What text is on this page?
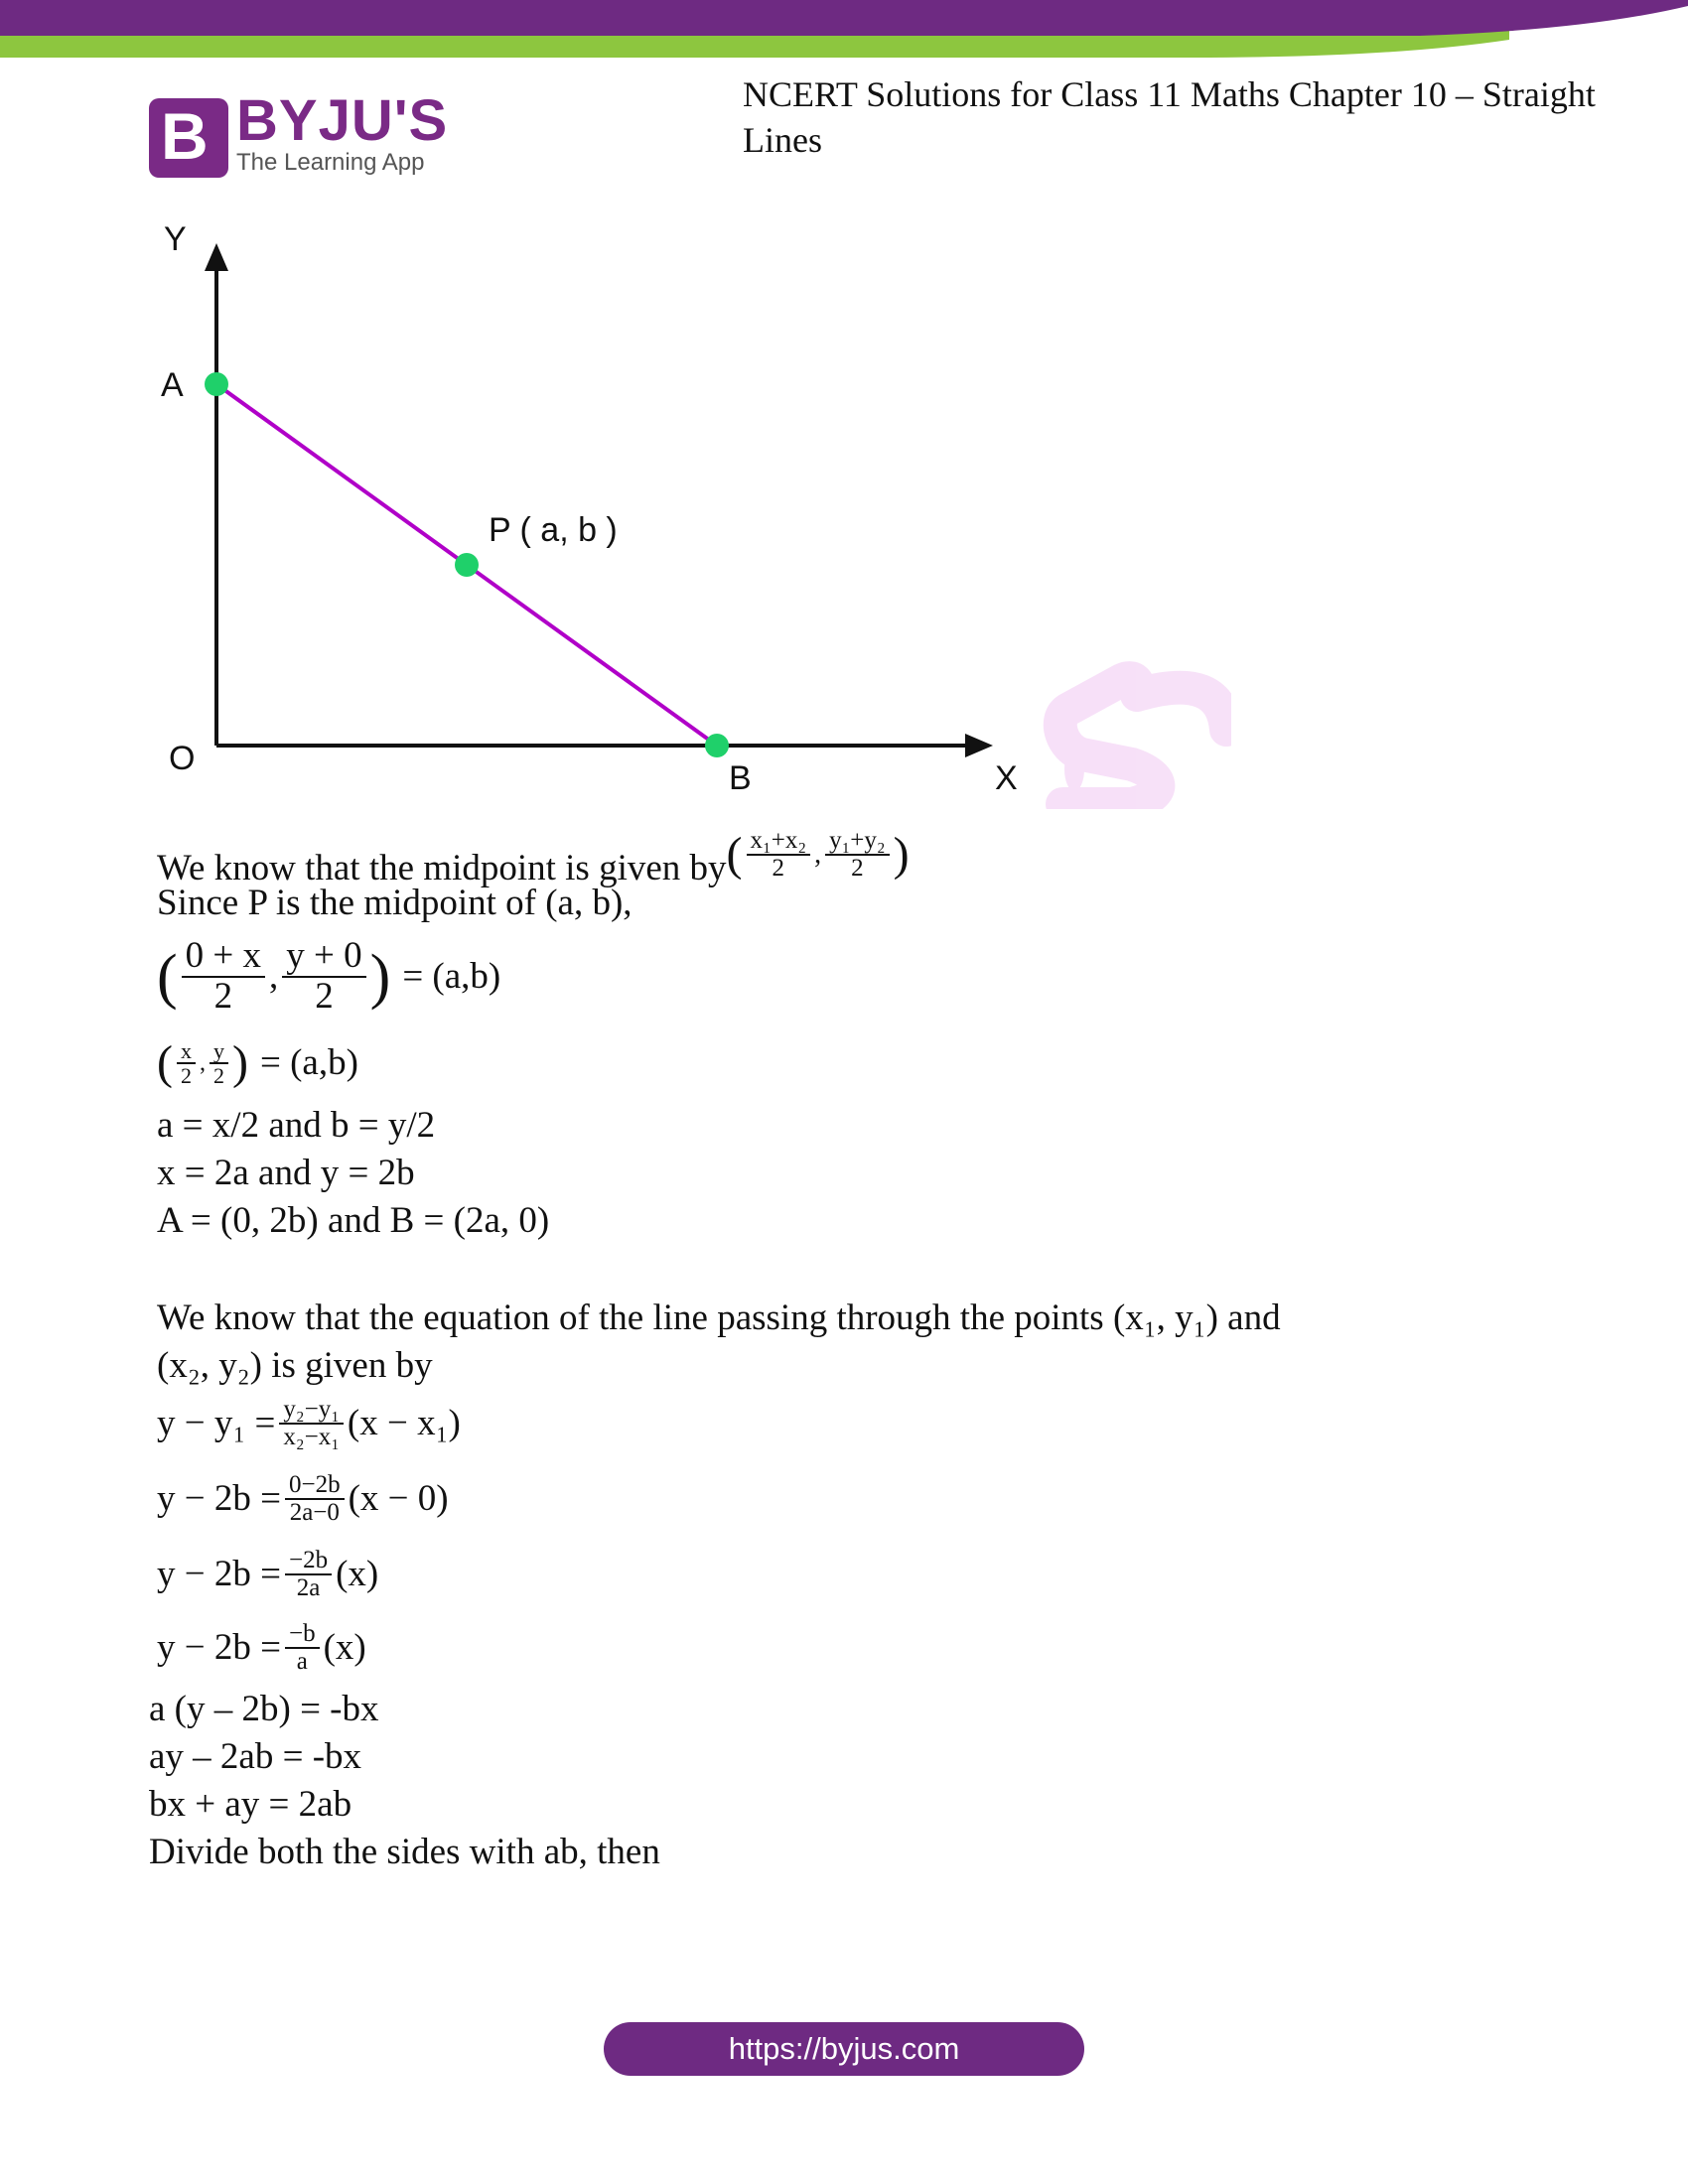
B BYJU'S
The Learning App
NCERT Solutions for Class 11 Maths Chapter 10 – Straight Lines
Y
X
O
A
B
P ( a, b )
We know that the midpoint is given by ( $\frac{\text{x₁+x₂}}{2}$ , $\frac{\text{y₁+y₂}}{2}$ )
Since P is the midpoint of (a, b),
( $\frac{0 + x}{2}$ , $\frac{y + 0}{2}$ ) = (a,b)
( $\frac{x}{2}$ , $\frac{y}{2}$ ) = (a,b)
a = x/2 and b = y/2
x = 2a and y = 2b
A = (0, 2b) and B = (2a, 0)
We know that the equation of the line passing through the points (x₁, y₁) and
(x₂, y₂) is given by
$y - y_1 = \frac{\text{y₂−y₁}}{\text{x₂−x₁}} (x - x_1)$
$y - 2b = \frac{0-2b}{2a-0} (x - 0)$
$y - 2b = \frac{-2b}{2a} (x)$
$y - 2b = \frac{-b}{a} (x)$
a (y – 2b) = -bx
ay – 2ab = -bx
bx + ay = 2ab
Divide both the sides with ab, then
https://byjus.com
